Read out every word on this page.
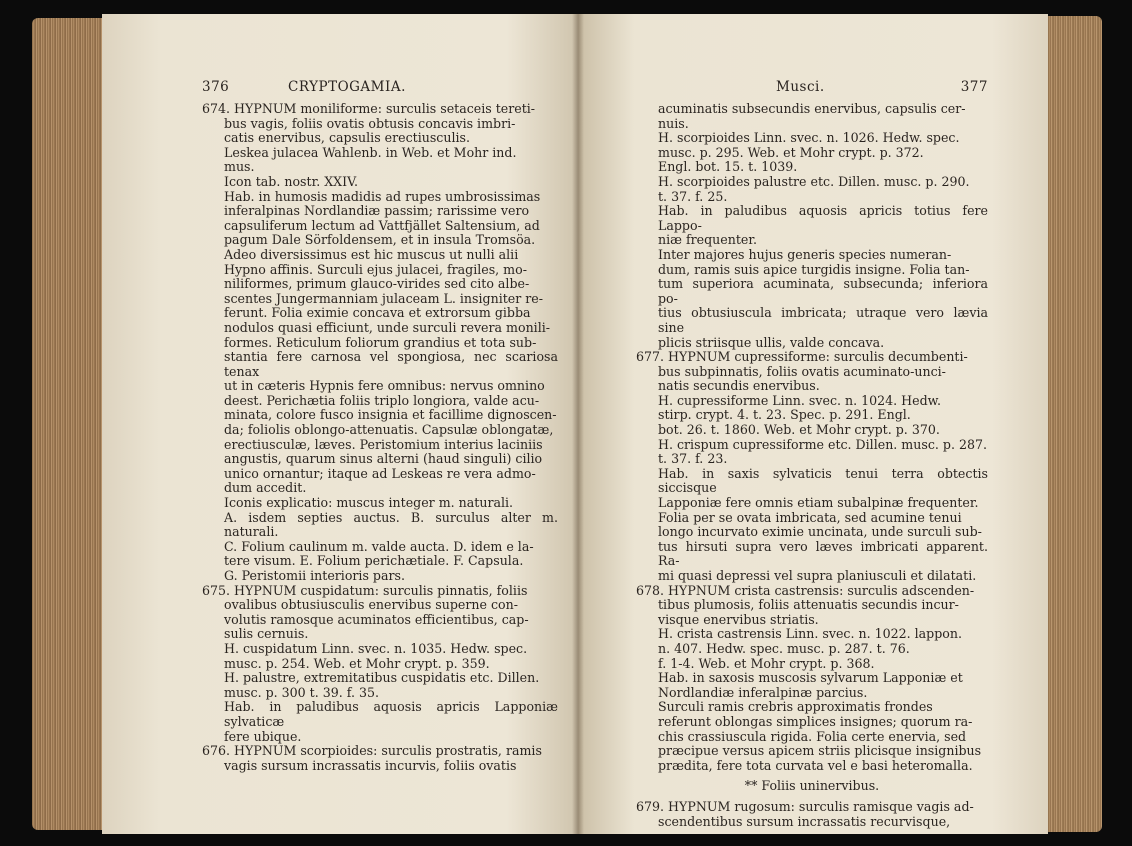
376	CRYPTOGAMIA.

674. HYPNUM moniliforme: surculis setaceis tereti-

bus vagis, foliis ovatis obtusis concavis imbri-

catis enervibus, capsulis erectiusculis.

Leskea julacea Wahlenb. in Web. et Mohr ind.

mus.

Icon tab. nostr. XXIV.

Hab. in humosis madidis ad rupes umbrosissimas

inferalpinas Nordlandiæ passim; rarissime vero

capsuliferum lectum ad Vattfjället Saltensium, ad

pagum Dale Sörfoldensem, et in insula Tromsöa.

Adeo diversissimus est hic muscus ut nulli alii

Hypno affinis. Surculi ejus julacei, fragiles, mo-

niliformes, primum glauco-virides sed cito albe-

scentes Jungermanniam julaceam L. insigniter re-

ferunt. Folia eximie concava et extrorsum gibba

nodulos quasi efficiunt, unde surculi revera monili-

formes. Reticulum foliorum grandius et tota sub-

stantia fere carnosa vel spongiosa, nec scariosa tenax

ut in cæteris Hypnis fere omnibus: nervus omnino

deest. Perichætia foliis triplo longiora, valde acu-

minata, colore fusco insignia et facillime dignoscen-

da; foliolis oblongo-attenuatis. Capsulæ oblongatæ,

erectiusculæ, læves. Peristomium interius laciniis

angustis, quarum sinus alterni (haud singuli) cilio

unico ornantur; itaque ad Leskeas re vera admo-

dum accedit.

Iconis explicatio: muscus integer m. naturali.

A. isdem septies auctus. B. surculus alter m. naturali.

C. Folium caulinum m. valde aucta. D. idem e la-

tere visum. E. Folium perichætiale. F. Capsula.

G. Peristomii interioris pars.

675. HYPNUM cuspidatum: surculis pinnatis, foliis

ovalibus obtusiusculis enervibus superne con-

volutis ramosque acuminatos efficientibus, cap-

sulis cernuis.

H. cuspidatum Linn. svec. n. 1035. Hedw. spec.

musc. p. 254. Web. et Mohr crypt. p. 359.

H. palustre, extremitatibus cuspidatis etc. Dillen.

musc. p. 300 t. 39. f. 35.

Hab. in paludibus aquosis apricis Lapponiæ sylvaticæ

fere ubique.

676. HYPNUM scorpioides: surculis prostratis, ramis

vagis sursum incrassatis incurvis, foliis ovatis

Musci.	377

acuminatis subsecundis enervibus, capsulis cer-

nuis.

H. scorpioides Linn. svec. n. 1026. Hedw. spec.

musc. p. 295. Web. et Mohr crypt. p. 372.

Engl. bot. 15. t. 1039.

H. scorpioides palustre etc. Dillen. musc. p. 290.

t. 37. f. 25.

Hab. in paludibus aquosis apricis totius fere Lappo-

niæ frequenter.

Inter majores hujus generis species numeran-

dum, ramis suis apice turgidis insigne. Folia tan-

tum superiora acuminata, subsecunda; inferiora po-

tius obtusiuscula imbricata; utraque vero lævia sine

plicis striisque ullis, valde concava.

677. HYPNUM cupressiforme: surculis decumbenti-

bus subpinnatis, foliis ovatis acuminato-unci-

natis secundis enervibus.

H. cupressiforme Linn. svec. n. 1024. Hedw.

stirp. crypt. 4. t. 23. Spec. p. 291. Engl.

bot. 26. t. 1860. Web. et Mohr crypt. p. 370.

H. crispum cupressiforme etc. Dillen. musc. p. 287.

t. 37. f. 23.

Hab. in saxis sylvaticis tenui terra obtectis siccisque

Lapponiæ fere omnis etiam subalpinæ frequenter.

Folia per se ovata imbricata, sed acumine tenui

longo incurvato eximie uncinata, unde surculi sub-

tus hirsuti supra vero læves imbricati apparent. Ra-

mi quasi depressi vel supra planiusculi et dilatati.

678. HYPNUM crista castrensis: surculis adscenden-

tibus plumosis, foliis attenuatis secundis incur-

visque enervibus striatis.

H. crista castrensis Linn. svec. n. 1022. lappon.

n. 407. Hedw. spec. musc. p. 287. t. 76.

f. 1-4. Web. et Mohr crypt. p. 368.

Hab. in saxosis muscosis sylvarum Lapponiæ et

Nordlandiæ inferalpinæ parcius.

Surculi ramis crebris approximatis frondes

referunt oblongas simplices insignes; quorum ra-

chis crassiuscula rigida. Folia certe enervia, sed

præcipue versus apicem striis plicisque insignibus

prædita, fere tota curvata vel e basi heteromalla.

** Foliis uninervibus.

679. HYPNUM rugosum: surculis ramisque vagis ad-

scendentibus sursum incrassatis recurvisque,
